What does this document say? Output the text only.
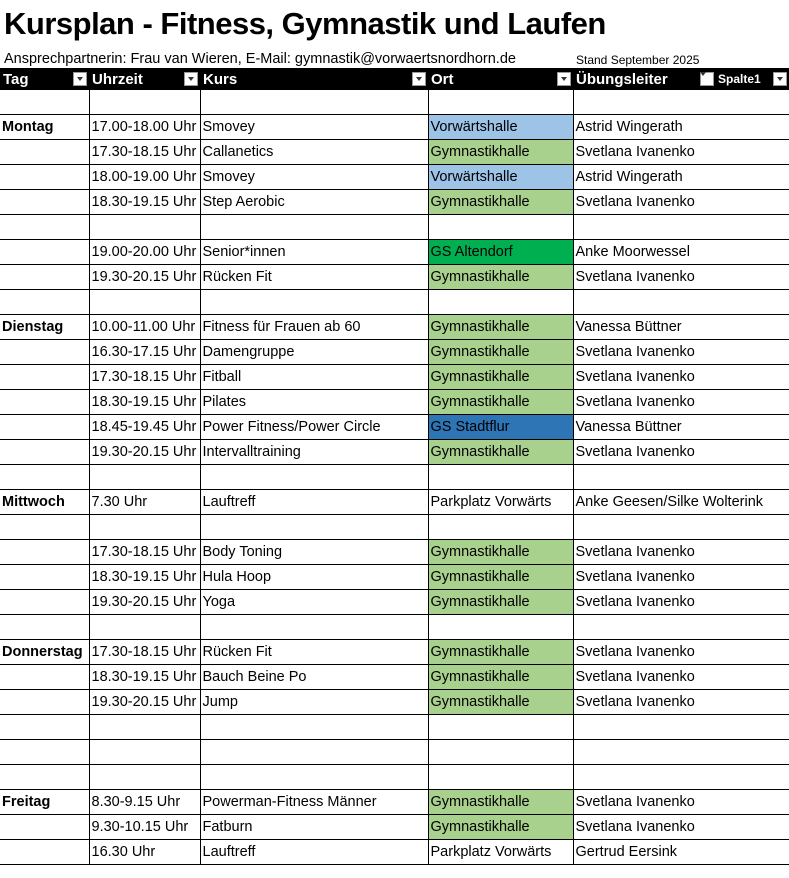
Kursplan - Fitness, Gymnastik und Laufen
Ansprechpartnerin: Frau van Wieren, E-Mail: gymnastik@vorwaertsnordhorn.de	Stand September 2025
Tag	Uhrzeit	Kurs	Ort	Übungsleiter	Spalte1

Montag	17.00-18.00 Uhr	Smovey	Vorwärtshalle	Astrid Wingerath	
	17.30-18.15 Uhr	Callanetics	Gymnastikhalle	Svetlana Ivanenko	
	18.00-19.00 Uhr	Smovey	Vorwärtshalle	Astrid Wingerath	
	18.30-19.15 Uhr	Step Aerobic	Gymnastikhalle	Svetlana Ivanenko	

	19.00-20.00 Uhr	Senior*innen	GS Altendorf	Anke Moorwessel	
	19.30-20.15 Uhr	Rücken Fit	Gymnastikhalle	Svetlana Ivanenko	

Dienstag	10.00-11.00 Uhr	Fitness für Frauen ab 60	Gymnastikhalle	Vanessa Büttner	
	16.30-17.15 Uhr	Damengruppe	Gymnastikhalle	Svetlana Ivanenko	
	17.30-18.15 Uhr	Fitball	Gymnastikhalle	Svetlana Ivanenko	
	18.30-19.15 Uhr	Pilates	Gymnastikhalle	Svetlana Ivanenko	
	18.45-19.45 Uhr	Power Fitness/Power Circle	GS Stadtflur	Vanessa Büttner	
	19.30-20.15 Uhr	Intervalltraining	Gymnastikhalle	Svetlana Ivanenko	

Mittwoch	7.30 Uhr	Lauftreff	Parkplatz Vorwärts	Anke Geesen/Silke Wolterink	

	17.30-18.15 Uhr	Body Toning	Gymnastikhalle	Svetlana Ivanenko	
	18.30-19.15 Uhr	Hula Hoop	Gymnastikhalle	Svetlana Ivanenko	
	19.30-20.15 Uhr	Yoga	Gymnastikhalle	Svetlana Ivanenko	

Donnerstag	17.30-18.15 Uhr	Rücken Fit	Gymnastikhalle	Svetlana Ivanenko	
	18.30-19.15 Uhr	Bauch Beine Po	Gymnastikhalle	Svetlana Ivanenko	
	19.30-20.15 Uhr	Jump	Gymnastikhalle	Svetlana Ivanenko	

Freitag	8.30-9.15 Uhr	Powerman-Fitness Männer	Gymnastikhalle	Svetlana Ivanenko	
	9.30-10.15 Uhr	Fatburn	Gymnastikhalle	Svetlana Ivanenko	
	16.30 Uhr	Lauftreff	Parkplatz Vorwärts	Gertrud Eersink	
